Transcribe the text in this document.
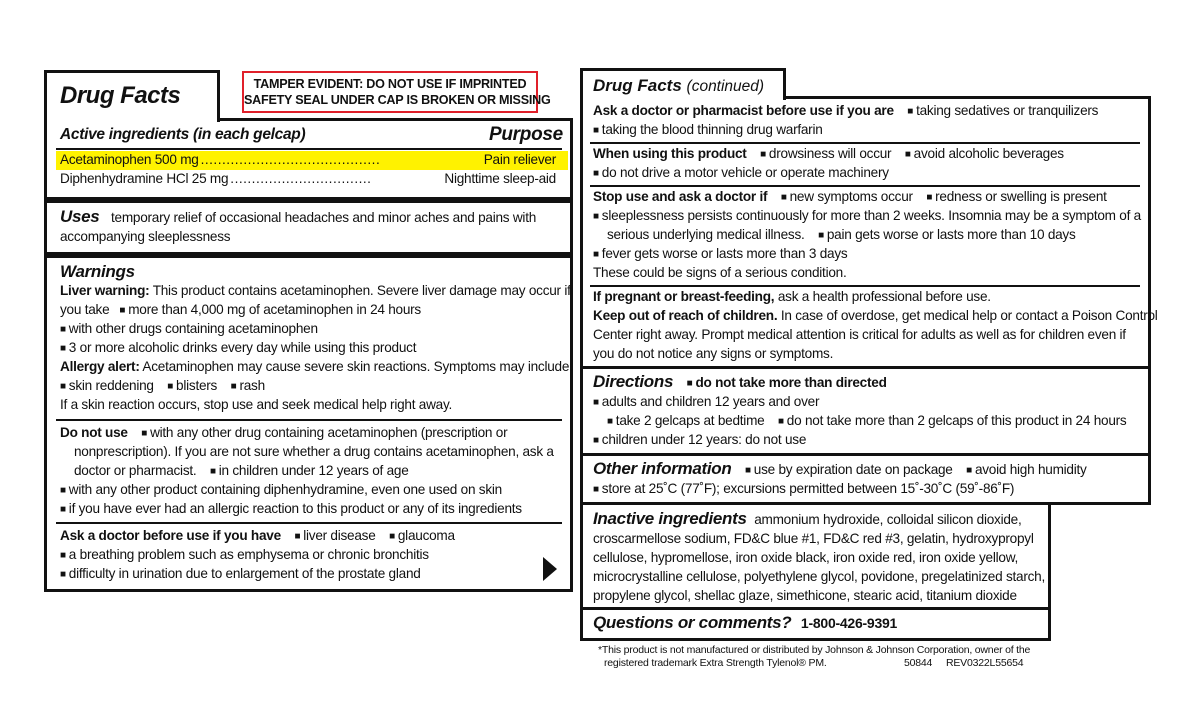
TAMPER EVIDENT: DO NOT USE IF IMPRINTED
SAFETY SEAL UNDER CAP IS BROKEN OR MISSING
Drug Facts
Active ingredients (in each gelcap)	Purpose
Acetaminophen 500 mg ..........................................	Pain reliever
Diphenhydramine HCl 25 mg .................................	Nighttime sleep-aid
Uses temporary relief of occasional headaches and minor aches and pains with
accompanying sleeplessness
Warnings
Liver warning: This product contains acetaminophen. Severe liver damage may occur if
you take ■ more than 4,000 mg of acetaminophen in 24 hours
■ with other drugs containing acetaminophen
■ 3 or more alcoholic drinks every day while using this product
Allergy alert: Acetaminophen may cause severe skin reactions. Symptoms may include:
■ skin reddening ■ blisters ■ rash
If a skin reaction occurs, stop use and seek medical help right away.
Do not use ■ with any other drug containing acetaminophen (prescription or
nonprescription). If you are not sure whether a drug contains acetaminophen, ask a
doctor or pharmacist. ■ in children under 12 years of age
■ with any other product containing diphenhydramine, even one used on skin
■ if you have ever had an allergic reaction to this product or any of its ingredients
Ask a doctor before use if you have ■ liver disease ■ glaucoma
■ a breathing problem such as emphysema or chronic bronchitis
■ difficulty in urination due to enlargement of the prostate gland
Drug Facts (continued)
Ask a doctor or pharmacist before use if you are ■ taking sedatives or tranquilizers
■ taking the blood thinning drug warfarin
When using this product ■ drowsiness will occur ■ avoid alcoholic beverages
■ do not drive a motor vehicle or operate machinery
Stop use and ask a doctor if ■ new symptoms occur ■ redness or swelling is present
■ sleeplessness persists continuously for more than 2 weeks. Insomnia may be a symptom of a
serious underlying medical illness. ■ pain gets worse or lasts more than 10 days
■ fever gets worse or lasts more than 3 days
These could be signs of a serious condition.
If pregnant or breast-feeding, ask a health professional before use.
Keep out of reach of children. In case of overdose, get medical help or contact a Poison Control
Center right away. Prompt medical attention is critical for adults as well as for children even if
you do not notice any signs or symptoms.
Directions ■ do not take more than directed
■ adults and children 12 years and over
■ take 2 gelcaps at bedtime ■ do not take more than 2 gelcaps of this product in 24 hours
■ children under 12 years: do not use
Other information ■ use by expiration date on package ■ avoid high humidity
■ store at 25˚C (77˚F); excursions permitted between 15˚-30˚C (59˚-86˚F)
Inactive ingredients ammonium hydroxide, colloidal silicon dioxide,
croscarmellose sodium, FD&C blue #1, FD&C red #3, gelatin, hydroxypropyl
cellulose, hypromellose, iron oxide black, iron oxide red, iron oxide yellow,
microcrystalline cellulose, polyethylene glycol, povidone, pregelatinized starch,
propylene glycol, shellac glaze, simethicone, stearic acid, titanium dioxide
Questions or comments? 1-800-426-9391
*This product is not manufactured or distributed by Johnson & Johnson Corporation, owner of the
registered trademark Extra Strength Tylenol® PM.	50844 REV0322L55654
